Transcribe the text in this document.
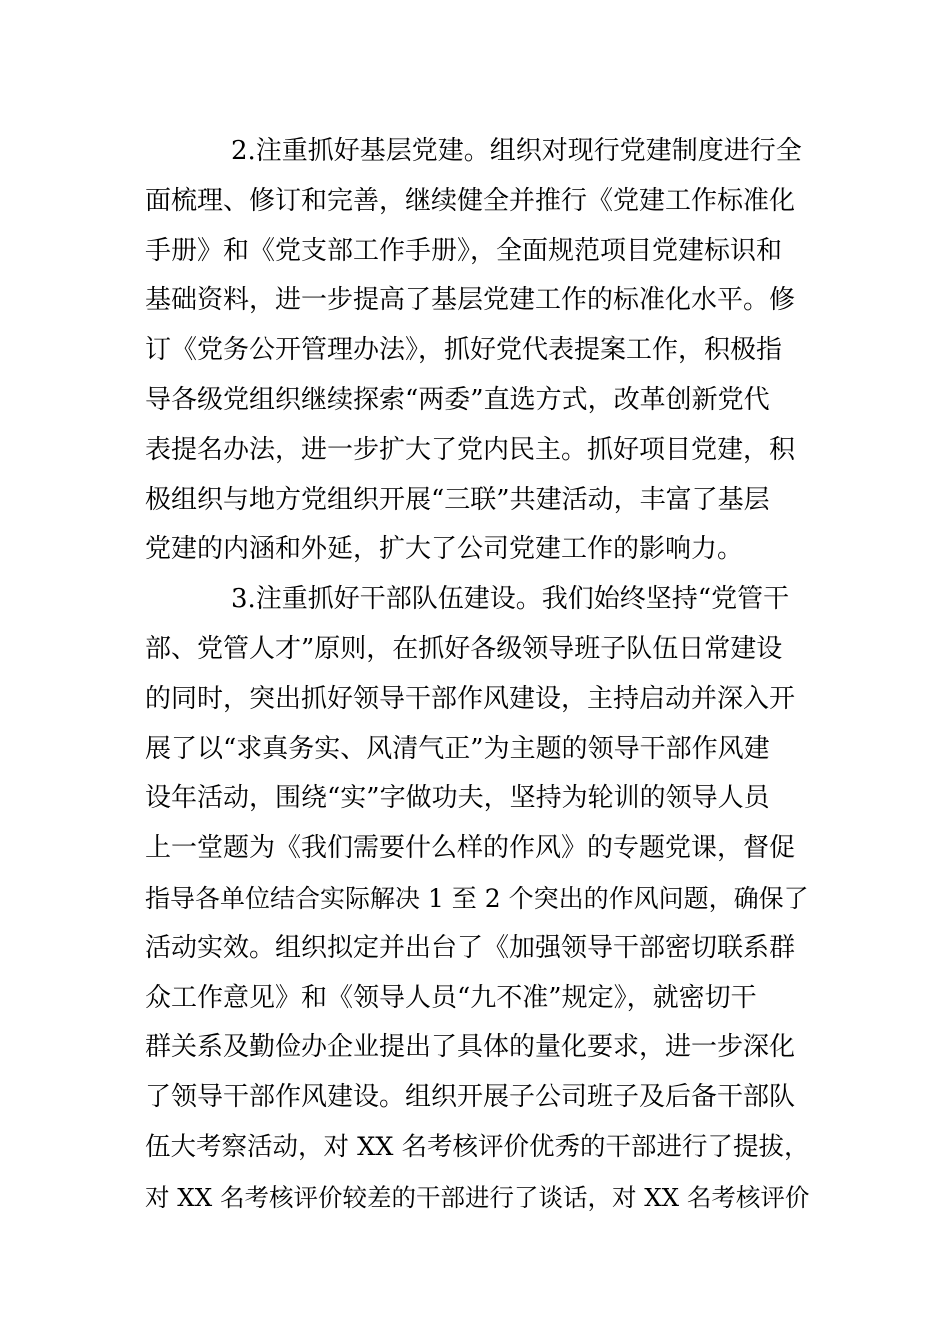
2.注重抓好基层党建。组织对现行党建制度进行全

面梳理、修订和完善，继续健全并推行《党建工作标准化

手册》和《党支部工作手册》，全面规范项目党建标识和

基础资料，进一步提高了基层党建工作的标准化水平。修

订《党务公开管理办法》，抓好党代表提案工作，积极指

导各级党组织继续探索“两委”直选方式，改革创新党代

表提名办法，进一步扩大了党内民主。抓好项目党建，积

极组织与地方党组织开展“三联”共建活动，丰富了基层

党建的内涵和外延，扩大了公司党建工作的影响力。

3.注重抓好干部队伍建设。我们始终坚持“党管干

部、党管人才”原则，在抓好各级领导班子队伍日常建设

的同时，突出抓好领导干部作风建设，主持启动并深入开

展了以“求真务实、风清气正”为主题的领导干部作风建

设年活动，围绕“实”字做功夫，坚持为轮训的领导人员

上一堂题为《我们需要什么样的作风》的专题党课，督促

指导各单位结合实际解决 1 至 2 个突出的作风问题，确保了

活动实效。组织拟定并出台了《加强领导干部密切联系群

众工作意见》和《领导人员“九不准”规定》，就密切干

群关系及勤俭办企业提出了具体的量化要求，进一步深化

了领导干部作风建设。组织开展子公司班子及后备干部队

伍大考察活动，对 XX 名考核评价优秀的干部进行了提拔，

对 XX 名考核评价较差的干部进行了谈话，对 XX 名考核评价
